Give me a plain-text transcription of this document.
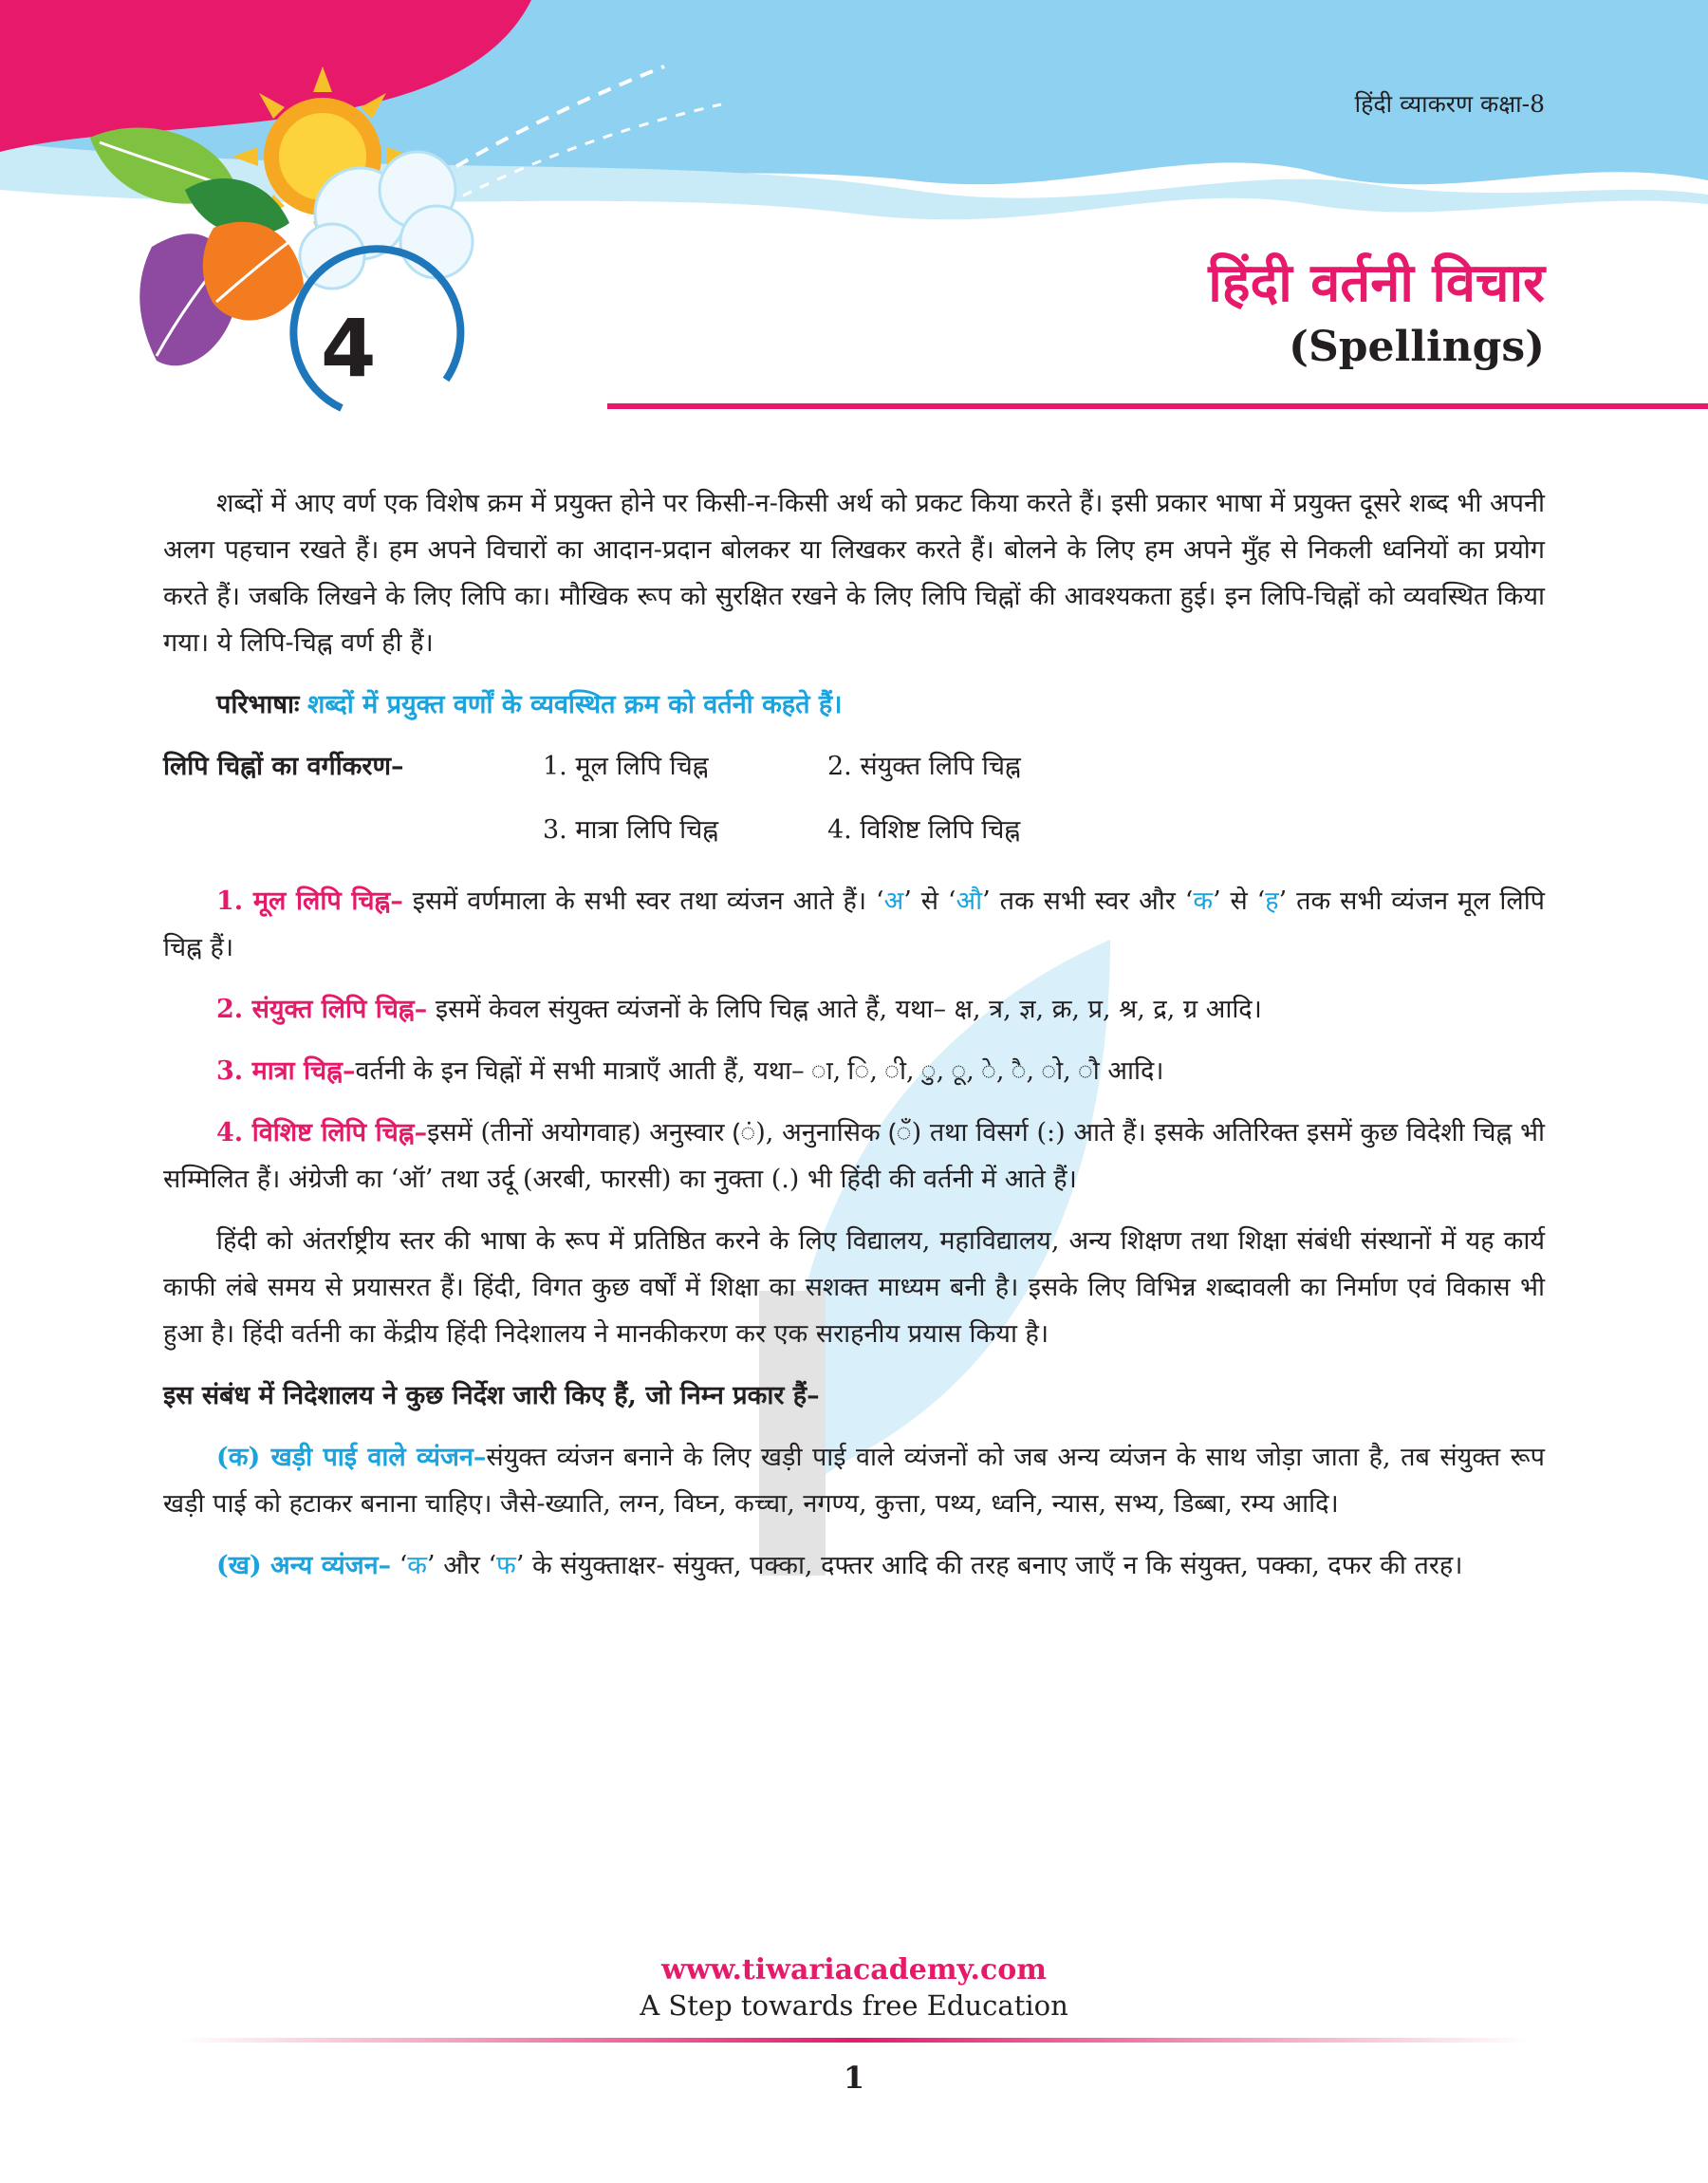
हिंदी व्याकरण कक्षा-8
4
हिंदी वर्तनी विचार
(Spellings)

शब्दों में आए वर्ण एक विशेष क्रम में प्रयुक्त होने पर किसी-न-किसी अर्थ को प्रकट किया करते हैं। इसी प्रकार भाषा में प्रयुक्त दूसरे शब्द भी अपनी अलग पहचान रखते हैं। हम अपने विचारों का आदान-प्रदान बोलकर या लिखकर करते हैं। बोलने के लिए हम अपने मुँह से निकली ध्वनियों का प्रयोग करते हैं। जबकि लिखने के लिए लिपि का। मौखिक रूप को सुरक्षित रखने के लिए लिपि चिह्नों की आवश्यकता हुई। इन लिपि-चिह्नों को व्यवस्थित किया गया। ये लिपि-चिह्न वर्ण ही हैं।

परिभाषाः शब्दों में प्रयुक्त वर्णों के व्यवस्थित क्रम को वर्तनी कहते हैं।

लिपि चिह्नों का वर्गीकरण–	1. मूल लिपि चिह्न	2. संयुक्त लिपि चिह्न
3. मात्रा लिपि चिह्न	4. विशिष्ट लिपि चिह्न

1. मूल लिपि चिह्न– इसमें वर्णमाला के सभी स्वर तथा व्यंजन आते हैं। ‘अ’ से ‘औ’ तक सभी स्वर और ‘क’ से ‘ह’ तक सभी व्यंजन मूल लिपि चिह्न हैं।

2. संयुक्त लिपि चिह्न– इसमें केवल संयुक्त व्यंजनों के लिपि चिह्न आते हैं, यथा– क्ष, त्र, ज्ञ, क्र, प्र, श्र, द्र, ग्र आदि।

3. मात्रा चिह्न–वर्तनी के इन चिह्नों में सभी मात्राएँ आती हैं, यथा– ा, ि, ी, ु, ू, े, ै, ो, ौ आदि।

4. विशिष्ट लिपि चिह्न–इसमें (तीनों अयोगवाह) अनुस्वार (ं), अनुनासिक (ँ) तथा विसर्ग (:) आते हैं। इसके अतिरिक्त इसमें कुछ विदेशी चिह्न भी सम्मिलित हैं। अंग्रेजी का ‘ऑ’ तथा उर्दू (अरबी, फारसी) का नुक्ता (.) भी हिंदी की वर्तनी में आते हैं।

हिंदी को अंतर्राष्ट्रीय स्तर की भाषा के रूप में प्रतिष्ठित करने के लिए विद्यालय, महाविद्यालय, अन्य शिक्षण तथा शिक्षा संबंधी संस्थानों में यह कार्य काफी लंबे समय से प्रयासरत हैं। हिंदी, विगत कुछ वर्षों में शिक्षा का सशक्त माध्यम बनी है। इसके लिए विभिन्न शब्दावली का निर्माण एवं विकास भी हुआ है। हिंदी वर्तनी का केंद्रीय हिंदी निदेशालय ने मानकीकरण कर एक सराहनीय प्रयास किया है।

इस संबंध में निदेशालय ने कुछ निर्देश जारी किए हैं, जो निम्न प्रकार हैं–

(क) खड़ी पाई वाले व्यंजन–संयुक्त व्यंजन बनाने के लिए खड़ी पाई वाले व्यंजनों को जब अन्य व्यंजन के साथ जोड़ा जाता है, तब संयुक्त रूप खड़ी पाई को हटाकर बनाना चाहिए। जैसे-ख्याति, लग्न, विघ्न, कच्चा, नगण्य, कुत्ता, पथ्य, ध्वनि, न्यास, सभ्य, डिब्बा, रम्य आदि।

(ख) अन्य व्यंजन– ‘क’ और ‘फ’ के संयुक्ताक्षर- संयुक्त, पक्का, दफ्तर आदि की तरह बनाए जाएँ न कि संयुक्त, पक्का, दफर की तरह।

www.tiwariacademy.com
A Step towards free Education
1
